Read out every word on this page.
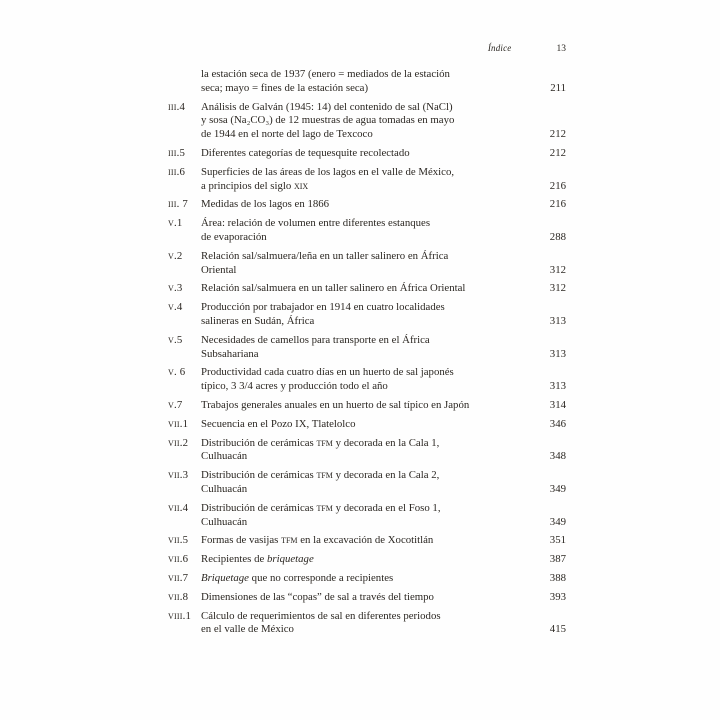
Índice	13
la estación seca de 1937 (enero = mediados de la estación
seca; mayo = fines de la estación seca)	211
iii.4	Análisis de Galván (1945: 14) del contenido de sal (NaCl)
y sosa (Na₂CO₃) de 12 muestras de agua tomadas en mayo
de 1944 en el norte del lago de Texcoco	212
iii.5	Diferentes categorías de tequesquite recolectado	212
iii.6	Superficies de las áreas de los lagos en el valle de México,
a principios del siglo xix	216
iii. 7	Medidas de los lagos en 1866	216
v.1	Área: relación de volumen entre diferentes estanques
de evaporación	288
v.2	Relación sal/salmuera/leña en un taller salinero en África
Oriental	312
v.3	Relación sal/salmuera en un taller salinero en África Oriental	312
v.4	Producción por trabajador en 1914 en cuatro localidades
salineras en Sudán, África	313
v.5	Necesidades de camellos para transporte en el África
Subsahariana	313
v. 6	Productividad cada cuatro días en un huerto de sal japonés
típico, 3 3/4 acres y producción todo el año	313
v.7	Trabajos generales anuales en un huerto de sal típico en Japón	314
vii.1	Secuencia en el Pozo IX, Tlatelolco	346
vii.2	Distribución de cerámicas tfm y decorada en la Cala 1,
Culhuacán	348
vii.3	Distribución de cerámicas tfm y decorada en la Cala 2,
Culhuacán	349
vii.4	Distribución de cerámicas tfm y decorada en el Foso 1,
Culhuacán	349
vii.5	Formas de vasijas tfm en la excavación de Xocotitlán	351
vii.6	Recipientes de briquetage	387
vii.7	Briquetage que no corresponde a recipientes	388
vii.8	Dimensiones de las “copas” de sal a través del tiempo	393
viii.1 Cálculo de requerimientos de sal en diferentes periodos
en el valle de México	415
